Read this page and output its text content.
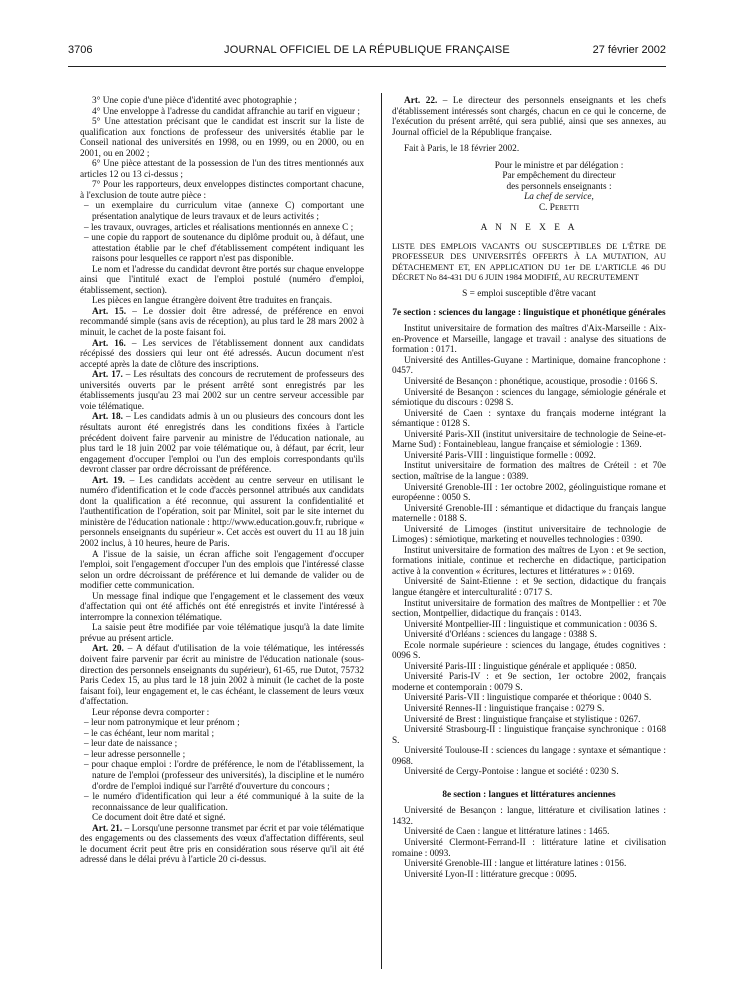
3706	JOURNAL OFFICIEL DE LA RÉPUBLIQUE FRANÇAISE	27 février 2002

3° Une copie d'une pièce d'identité avec photographie ;

4° Une enveloppe à l'adresse du candidat affranchie au tarif en vigueur ;

5° Une attestation précisant que le candidat est inscrit sur la liste de qualification aux fonctions de professeur des universités établie par le Conseil national des universités en 1998, ou en 1999, ou en 2000, ou en 2001, ou en 2002 ;

6° Une pièce attestant de la possession de l'un des titres mentionnés aux articles 12 ou 13 ci-dessus ;

7° Pour les rapporteurs, deux enveloppes distinctes comportant chacune, à l'exclusion de toute autre pièce :

– un exemplaire du curriculum vitae (annexe C) comportant une présentation analytique de leurs travaux et de leurs activités ;

– les travaux, ouvrages, articles et réalisations mentionnés en annexe C ;

– une copie du rapport de soutenance du diplôme produit ou, à défaut, une attestation établie par le chef d'établissement compétent indiquant les raisons pour lesquelles ce rapport n'est pas disponible.

Le nom et l'adresse du candidat devront être portés sur chaque enveloppe ainsi que l'intitulé exact de l'emploi postulé (numéro d'emploi, établissement, section).

Les pièces en langue étrangère doivent être traduites en français.

Art. 15. – Le dossier doit être adressé, de préférence en envoi recommandé simple (sans avis de réception), au plus tard le 28 mars 2002 à minuit, le cachet de la poste faisant foi.

Art. 16. – Les services de l'établissement donnent aux candidats récépissé des dossiers qui leur ont été adressés. Aucun document n'est accepté après la date de clôture des inscriptions.

Art. 17. – Les résultats des concours de recrutement de professeurs des universités ouverts par le présent arrêté sont enregistrés par les établissements jusqu'au 23 mai 2002 sur un centre serveur accessible par voie télématique.

Art. 18. – Les candidats admis à un ou plusieurs des concours dont les résultats auront été enregistrés dans les conditions fixées à l'article précédent doivent faire parvenir au ministre de l'éducation nationale, au plus tard le 18 juin 2002 par voie télématique ou, à défaut, par écrit, leur engagement d'occuper l'emploi ou l'un des emplois correspondants qu'ils devront classer par ordre décroissant de préférence.

Art. 19. – Les candidats accèdent au centre serveur en utilisant le numéro d'identification et le code d'accès personnel attribués aux candidats dont la qualification a été reconnue, qui assurent la confidentialité et l'authentification de l'opération, soit par Minitel, soit par le site internet du ministère de l'éducation nationale : http://www.education.gouv.fr, rubrique « personnels enseignants du supérieur ». Cet accès est ouvert du 11 au 18 juin 2002 inclus, à 10 heures, heure de Paris.

A l'issue de la saisie, un écran affiche soit l'engagement d'occuper l'emploi, soit l'engagement d'occuper l'un des emplois que l'intéressé classe selon un ordre décroissant de préférence et lui demande de valider ou de modifier cette communication.

Un message final indique que l'engagement et le classement des vœux d'affectation qui ont été affichés ont été enregistrés et invite l'intéressé à interrompre la connexion télématique.

La saisie peut être modifiée par voie télématique jusqu'à la date limite prévue au présent article.

Art. 20. – A défaut d'utilisation de la voie télématique, les intéressés doivent faire parvenir par écrit au ministre de l'éducation nationale (sous-direction des personnels enseignants du supérieur), 61-65, rue Dutot, 75732 Paris Cedex 15, au plus tard le 18 juin 2002 à minuit (le cachet de la poste faisant foi), leur engagement et, le cas échéant, le classement de leurs vœux d'affectation.

Leur réponse devra comporter :

– leur nom patronymique et leur prénom ;

– le cas échéant, leur nom marital ;

– leur date de naissance ;

– leur adresse personnelle ;

– pour chaque emploi : l'ordre de préférence, le nom de l'établissement, la nature de l'emploi (professeur des universités), la discipline et le numéro d'ordre de l'emploi indiqué sur l'arrêté d'ouverture du concours ;

– le numéro d'identification qui leur a été communiqué à la suite de la reconnaissance de leur qualification.

Ce document doit être daté et signé.

Art. 21. – Lorsqu'une personne transmet par écrit et par voie télématique des engagements ou des classements des vœux d'affectation différents, seul le document écrit peut être pris en considération sous réserve qu'il ait été adressé dans le délai prévu à l'article 20 ci-dessus.

Art. 22. – Le directeur des personnels enseignants et les chefs d'établissement intéressés sont chargés, chacun en ce qui le concerne, de l'exécution du présent arrêté, qui sera publié, ainsi que ses annexes, au Journal officiel de la République française.

Fait à Paris, le 18 février 2002.

Pour le ministre et par délégation :

Par empêchement du directeur

des personnels enseignants :

La chef de service,

C. Peretti

A N N E X E A

LISTE DES EMPLOIS VACANTS OU SUSCEPTIBLES DE L'ÊTRE DE PROFESSEUR DES UNIVERSITÉS OFFERTS À LA MUTATION, AU DÉTACHEMENT ET, EN APPLICATION DU 1er DE L'ARTICLE 46 DU DÉCRET No 84-431 DU 6 JUIN 1984 MODIFIÉ, AU RECRUTEMENT

S = emploi susceptible d'être vacant

7e section : sciences du langage : linguistique et phonétique générales

Institut universitaire de formation des maîtres d'Aix-Marseille : Aix-en-Provence et Marseille, langage et travail : analyse des situations de formation : 0171.

Université des Antilles-Guyane : Martinique, domaine francophone : 0457.

Université de Besançon : phonétique, acoustique, prosodie : 0166 S.

Université de Besançon : sciences du langage, sémiologie générale et sémiotique du discours : 0298 S.

Université de Caen : syntaxe du français moderne intégrant la sémantique : 0128 S.

Université Paris-XII (institut universitaire de technologie de Seine-et-Marne Sud) : Fontainebleau, langue française et sémiologie : 1369.

Université Paris-VIII : linguistique formelle : 0092.

Institut universitaire de formation des maîtres de Créteil : et 70e section, maîtrise de la langue : 0389.

Université Grenoble-III : 1er octobre 2002, géolinguistique romane et européenne : 0050 S.

Université Grenoble-III : sémantique et didactique du français langue maternelle : 0188 S.

Université de Limoges (institut universitaire de technologie de Limoges) : sémiotique, marketing et nouvelles technologies : 0390.

Institut universitaire de formation des maîtres de Lyon : et 9e section, formations initiale, continue et recherche en didactique, participation active à la convention « écritures, lectures et littératures » : 0169.

Université de Saint-Etienne : et 9e section, didactique du français langue étangère et interculturalité : 0717 S.

Institut universitaire de formation des maîtres de Montpellier : et 70e section, Montpellier, didactique du français : 0143.

Université Montpellier-III : linguistique et communication : 0036 S.

Université d'Orléans : sciences du langage : 0388 S.

Ecole normale supérieure : sciences du langage, études cognitives : 0096 S.

Université Paris-III : linguistique générale et appliquée : 0850.

Université Paris-IV : et 9e section, 1er octobre 2002, français moderne et contemporain : 0079 S.

Université Paris-VII : linguistique comparée et théorique : 0040 S.

Université Rennes-II : linguistique française : 0279 S.

Université de Brest : linguistique française et stylistique : 0267.

Université Strasbourg-II : linguistique française synchronique : 0168 S.

Université Toulouse-II : sciences du langage : syntaxe et sémantique : 0968.

Université de Cergy-Pontoise : langue et société : 0230 S.

8e section : langues et littératures anciennes

Université de Besançon : langue, littérature et civilisation latines : 1432.

Université de Caen : langue et littérature latines : 1465.

Université Clermont-Ferrand-II : littérature latine et civilisation romaine : 0093.

Université Grenoble-III : langue et littérature latines : 0156.

Université Lyon-II : littérature grecque : 0095.
